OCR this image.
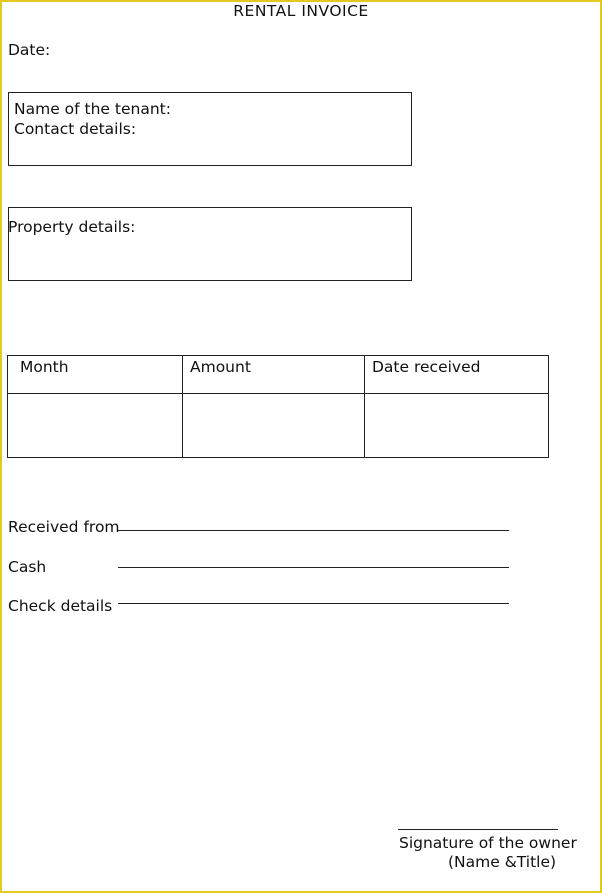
RENTAL INVOICE
Date:
Name of the tenant:
Contact details:
Property details:
Month	Amount	Date received

Received from
Cash
Check details
Signature of the owner
(Name &Title)
